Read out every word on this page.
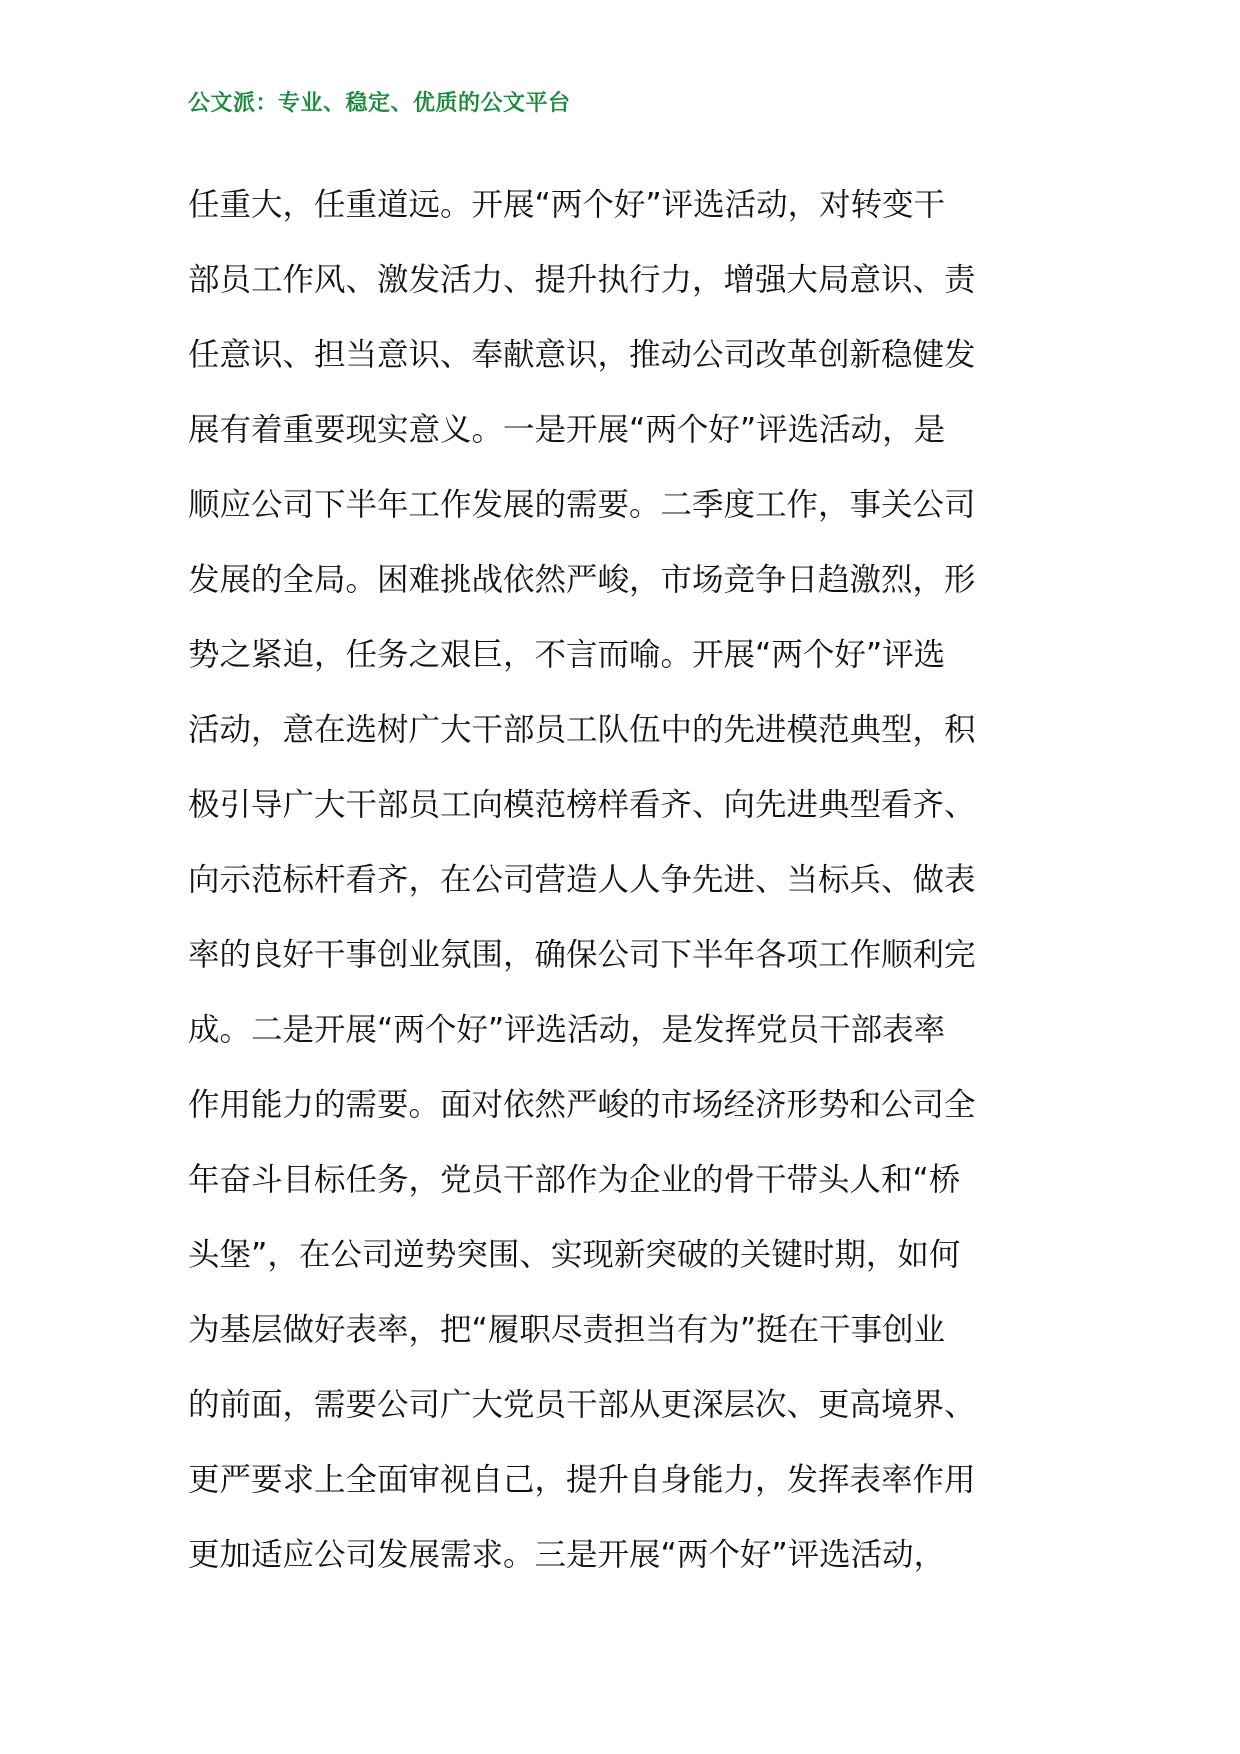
公文派：专业、稳定、优质的公文平台
任重大，任重道远。开展“两个好”评选活动，对转变干
部员工作风、激发活力、提升执行力，增强大局意识、责
任意识、担当意识、奉献意识，推动公司改革创新稳健发
展有着重要现实意义。一是开展“两个好”评选活动，是
顺应公司下半年工作发展的需要。二季度工作，事关公司
发展的全局。困难挑战依然严峻，市场竞争日趋激烈，形
势之紧迫，任务之艰巨，不言而喻。开展“两个好”评选
活动，意在选树广大干部员工队伍中的先进模范典型，积
极引导广大干部员工向模范榜样看齐、向先进典型看齐、
向示范标杆看齐，在公司营造人人争先进、当标兵、做表
率的良好干事创业氛围，确保公司下半年各项工作顺利完
成。二是开展“两个好”评选活动，是发挥党员干部表率
作用能力的需要。面对依然严峻的市场经济形势和公司全
年奋斗目标任务，党员干部作为企业的骨干带头人和“桥
头堡”，在公司逆势突围、实现新突破的关键时期，如何
为基层做好表率，把“履职尽责担当有为”挺在干事创业
的前面，需要公司广大党员干部从更深层次、更高境界、
更严要求上全面审视自己，提升自身能力，发挥表率作用
更加适应公司发展需求。三是开展“两个好”评选活动，
